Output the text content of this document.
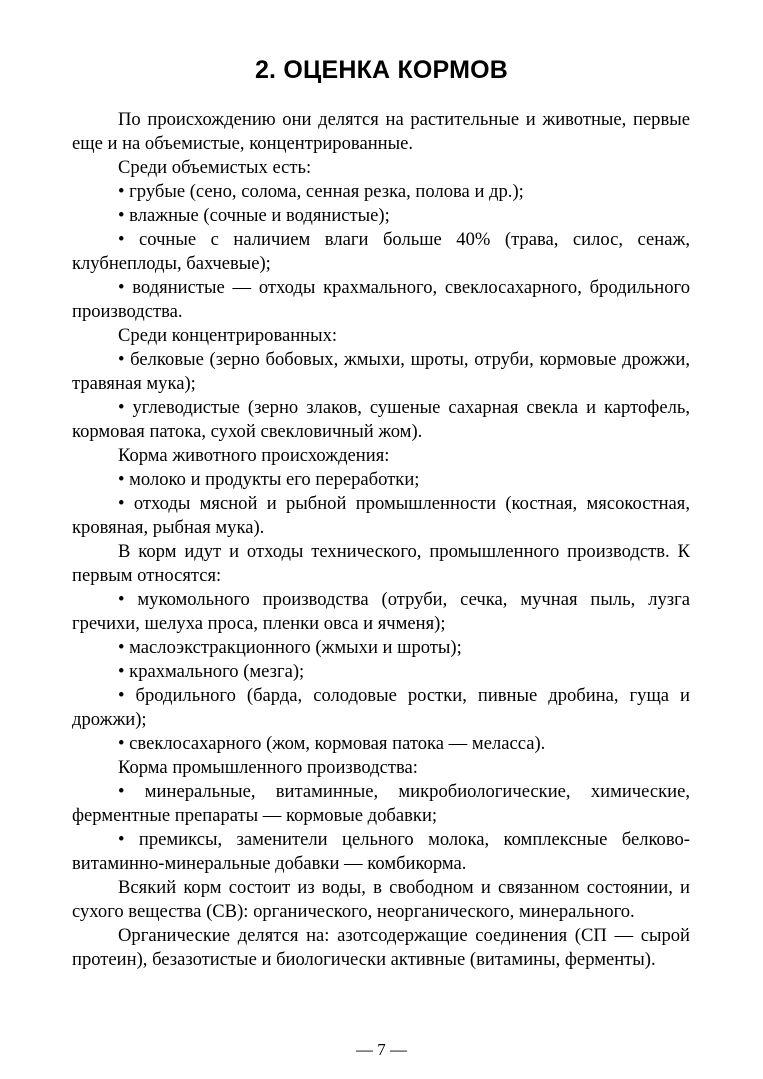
2. ОЦЕНКА КОРМОВ

По происхождению они делятся на растительные и животные, первые еще и на объемистые, концентрированные.

Среди объемистых есть:

• грубые (сено, солома, сенная резка, полова и др.);

• влажные (сочные и водянистые);

• сочные с наличием влаги больше 40% (трава, силос, сенаж, клубнеплоды, бахчевые);

• водянистые — отходы крахмального, свеклосахарного, бродильного производства.

Среди концентрированных:

• белковые (зерно бобовых, жмыхи, шроты, отруби, кормовые дрожжи, травяная мука);

• углеводистые (зерно злаков, сушеные сахарная свекла и картофель, кормовая патока, сухой свекловичный жом).

Корма животного происхождения:

• молоко и продукты его переработки;

• отходы мясной и рыбной промышленности (костная, мясокостная, кровяная, рыбная мука).

В корм идут и отходы технического, промышленного производств. К первым относятся:

• мукомольного производства (отруби, сечка, мучная пыль, лузга гречихи, шелуха проса, пленки овса и ячменя);

• маслоэкстракционного (жмыхи и шроты);

• крахмального (мезга);

• бродильного (барда, солодовые ростки, пивные дробина, гуща и дрожжи);

• свеклосахарного (жом, кормовая патока — меласса).

Корма промышленного производства:

• минеральные, витаминные, микробиологические, химические, ферментные препараты — кормовые добавки;

• премиксы, заменители цельного молока, комплексные белково-витаминно-минеральные добавки — комбикорма.

Всякий корм состоит из воды, в свободном и связанном состоянии, и сухого вещества (СВ): органического, неорганического, минерального.

Органические делятся на: азотсодержащие соединения (СП — сырой протеин), безазотистые и биологически активные (витамины, ферменты).

— 7 —
